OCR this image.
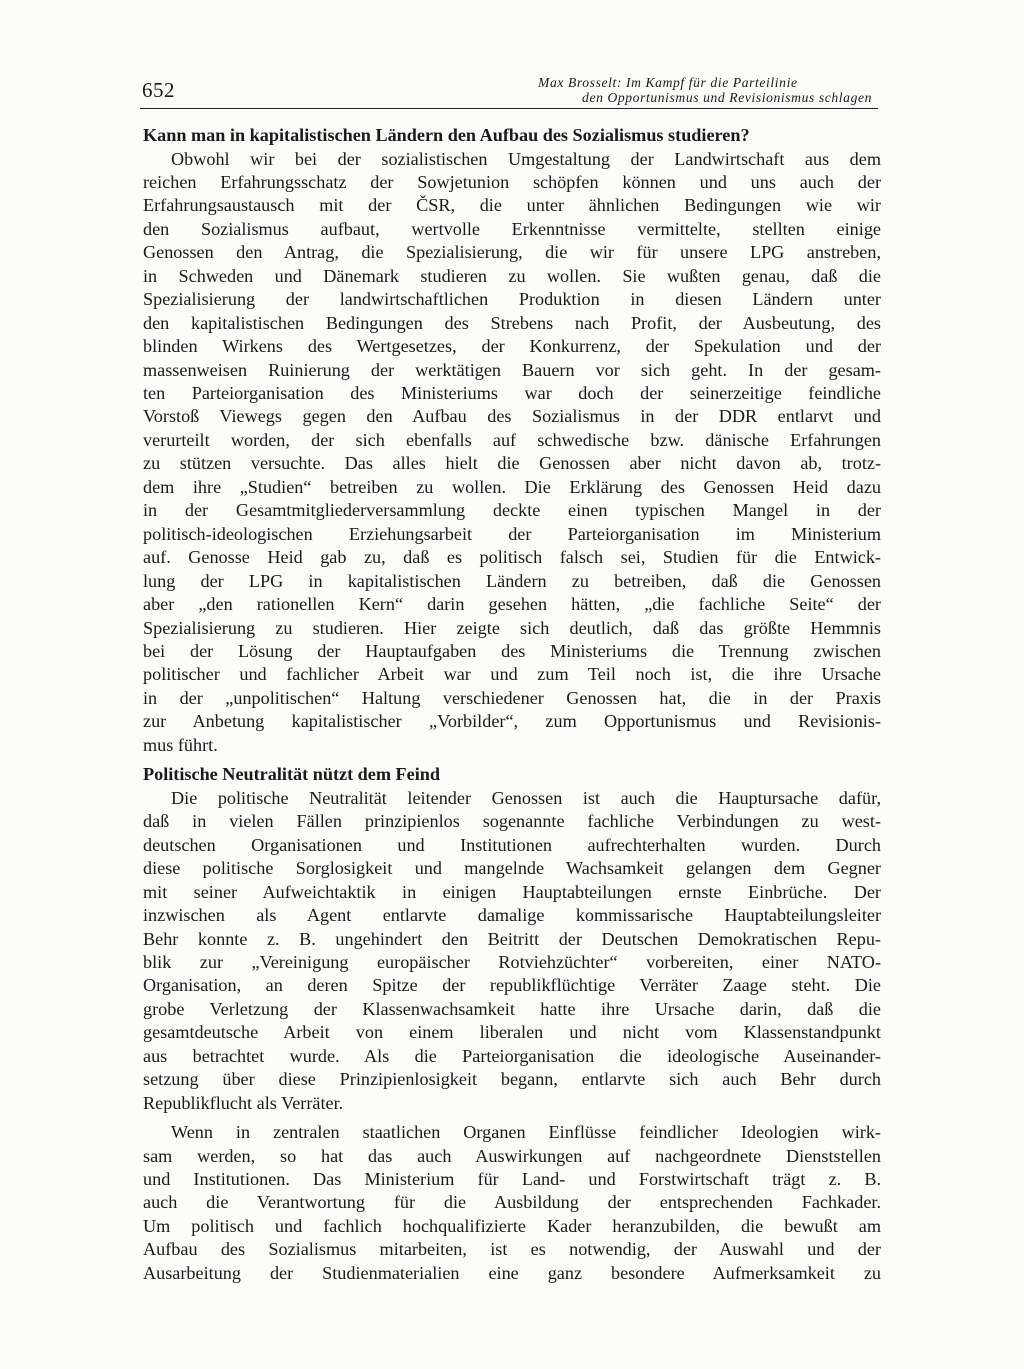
652	Max Brosselt: Im Kampf für die Parteilinie
den Opportunismus und Revisionismus schlagen
Kann man in kapitalistischen Ländern den Aufbau des Sozialismus studieren?

Obwohl wir bei der sozialistischen Umgestaltung der Landwirtschaft aus dem
reichen Erfahrungsschatz der Sowjetunion schöpfen können und uns auch der
Erfahrungsaustausch mit der ČSR, die unter ähnlichen Bedingungen wie wir
den Sozialismus aufbaut, wertvolle Erkenntnisse vermittelte, stellten einige
Genossen den Antrag, die Spezialisierung, die wir für unsere LPG anstreben,
in Schweden und Dänemark studieren zu wollen. Sie wußten genau, daß die
Spezialisierung der landwirtschaftlichen Produktion in diesen Ländern unter
den kapitalistischen Bedingungen des Strebens nach Profit, der Ausbeutung, des
blinden Wirkens des Wertgesetzes, der Konkurrenz, der Spekulation und der
massenweisen Ruinierung der werktätigen Bauern vor sich geht. In der gesam-
ten Parteiorganisation des Ministeriums war doch der seinerzeitige feindliche
Vorstoß Viewegs gegen den Aufbau des Sozialismus in der DDR entlarvt und
verurteilt worden, der sich ebenfalls auf schwedische bzw. dänische Erfahrungen
zu stützen versuchte. Das alles hielt die Genossen aber nicht davon ab, trotz-
dem ihre „Studien“ betreiben zu wollen. Die Erklärung des Genossen Heid dazu
in der Gesamtmitgliederversammlung deckte einen typischen Mangel in der
politisch-ideologischen Erziehungsarbeit der Parteiorganisation im Ministerium
auf. Genosse Heid gab zu, daß es politisch falsch sei, Studien für die Entwick-
lung der LPG in kapitalistischen Ländern zu betreiben, daß die Genossen
aber „den rationellen Kern“ darin gesehen hätten, „die fachliche Seite“ der
Spezialisierung zu studieren. Hier zeigte sich deutlich, daß das größte Hemmnis
bei der Lösung der Hauptaufgaben des Ministeriums die Trennung zwischen
politischer und fachlicher Arbeit war und zum Teil noch ist, die ihre Ursache
in der „unpolitischen“ Haltung verschiedener Genossen hat, die in der Praxis
zur Anbetung kapitalistischer „Vorbilder“, zum Opportunismus und Revisionis-
mus führt.

Politische Neutralität nützt dem Feind

Die politische Neutralität leitender Genossen ist auch die Hauptursache dafür,
daß in vielen Fällen prinzipienlos sogenannte fachliche Verbindungen zu west-
deutschen Organisationen und Institutionen aufrechterhalten wurden. Durch
diese politische Sorglosigkeit und mangelnde Wachsamkeit gelangen dem Gegner
mit seiner Aufweichtaktik in einigen Hauptabteilungen ernste Einbrüche. Der
inzwischen als Agent entlarvte damalige kommissarische Hauptabteilungsleiter
Behr konnte z. B. ungehindert den Beitritt der Deutschen Demokratischen Repu-
blik zur „Vereinigung europäischer Rotviehzüchter“ vorbereiten, einer NATO-
Organisation, an deren Spitze der republikflüchtige Verräter Zaage steht. Die
grobe Verletzung der Klassenwachsamkeit hatte ihre Ursache darin, daß die
gesamtdeutsche Arbeit von einem liberalen und nicht vom Klassenstandpunkt
aus betrachtet wurde. Als die Parteiorganisation die ideologische Auseinander-
setzung über diese Prinzipienlosigkeit begann, entlarvte sich auch Behr durch
Republikflucht als Verräter.

Wenn in zentralen staatlichen Organen Einflüsse feindlicher Ideologien wirk-
sam werden, so hat das auch Auswirkungen auf nachgeordnete Dienststellen
und Institutionen. Das Ministerium für Land- und Forstwirtschaft trägt z. B.
auch die Verantwortung für die Ausbildung der entsprechenden Fachkader.
Um politisch und fachlich hochqualifizierte Kader heranzubilden, die bewußt am
Aufbau des Sozialismus mitarbeiten, ist es notwendig, der Auswahl und der
Ausarbeitung der Studienmaterialien eine ganz besondere Aufmerksamkeit zu
